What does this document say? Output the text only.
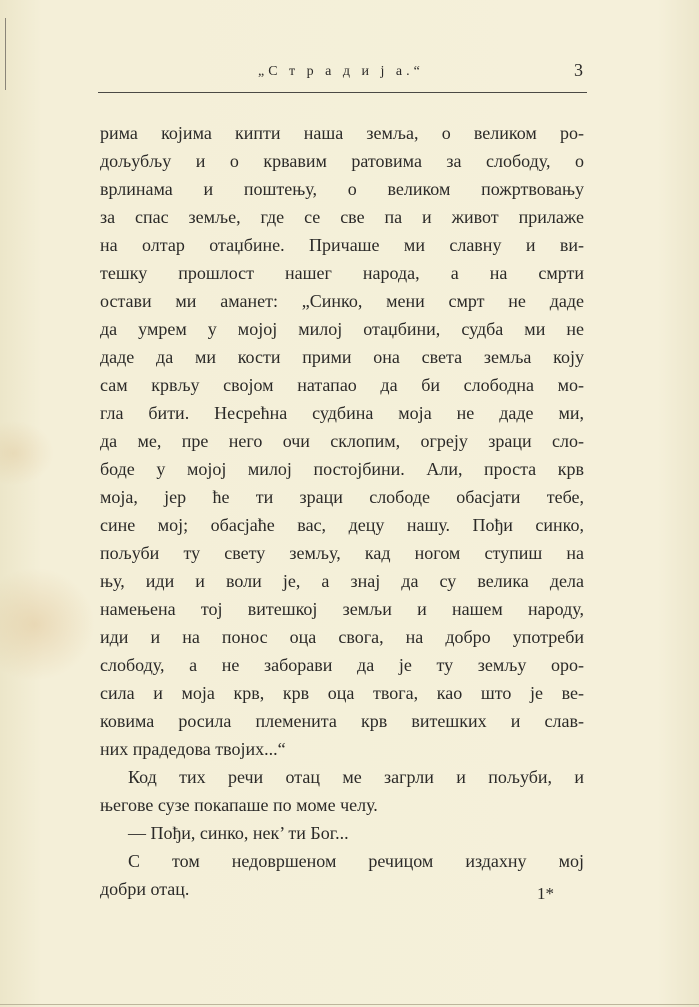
„С т р а д и ј а.“	3
рима којима кипти наша земља, о великом ро-
дољубљу и о крвавим ратовима за слободу, о
врлинама и поштењу, о великом пожртвовању
за спас земље, где се све па и живот прилаже
на олтар отаџбине. Причаше ми славну и ви-
тешку прошлост нашег народа, а на смрти
остави ми аманет: „Синко, мени смрт не даде
да умрем у мојој милој отаџбини, судба ми не
даде да ми кости прими она света земља коју
сам крвљу својом натапао да би слободна мо-
гла бити. Несрећна судбина моја не даде ми,
да ме, пре него очи склопим, огреју зраци сло-
боде у мојој милој постојбини. Али, проста крв
моја, јер ће ти зраци слободе обасјати тебе,
сине мој; обасјаће вас, децу нашу. Пођи синко,
пољуби ту свету земљу, кад ногом ступиш на
њу, иди и воли је, а знај да су велика дела
намењена тој витешкој земљи и нашем народу,
иди и на понос оца свога, на добро употреби
слободу, а не заборави да је ту земљу оро-
сила и моја крв, крв оца твога, као што је ве-
ковима росила племенита крв витешких и слав-
них прадедова твојих...“
Код тих речи отац ме загрли и пољуби, и
његове сузе покапаше по моме челу.
— Пођи, синко, нек’ ти Бог...
С том недовршеном речицом издахну мој
добри отац.	1*
